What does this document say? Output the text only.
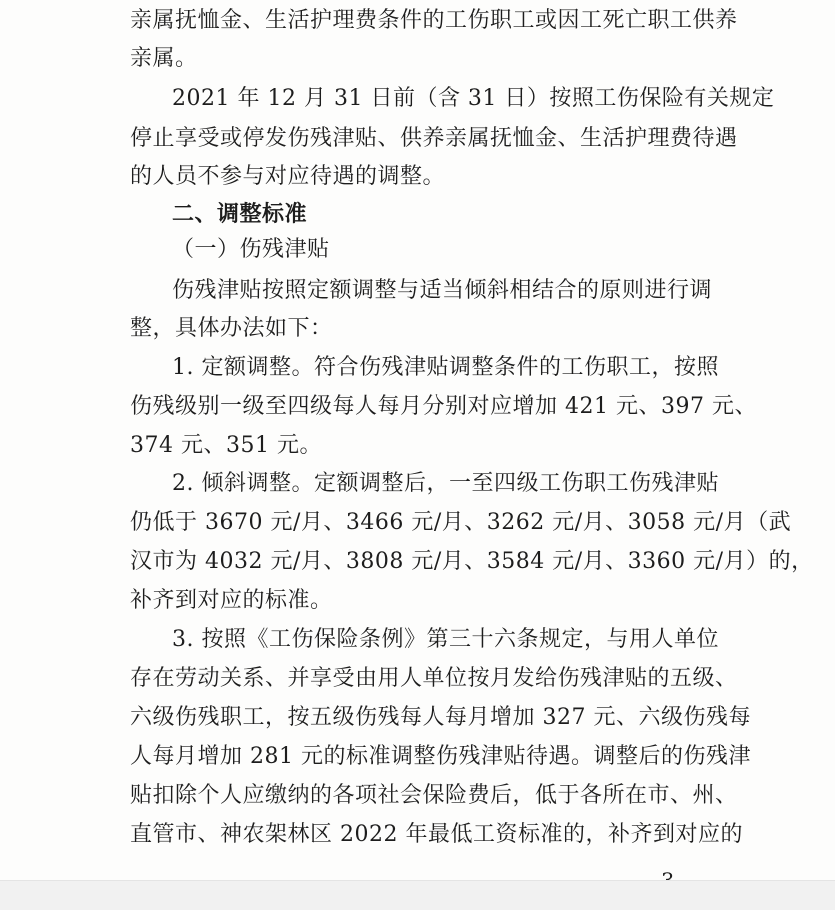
亲属抚恤金、生活护理费条件的工伤职工或因工死亡职工供养
亲属。
2021 年 12 月 31 日前（含 31 日）按照工伤保险有关规定
停止享受或停发伤残津贴、供养亲属抚恤金、生活护理费待遇
的人员不参与对应待遇的调整。
二、调整标准
（一）伤残津贴
伤残津贴按照定额调整与适当倾斜相结合的原则进行调
整，具体办法如下：
1. 定额调整。符合伤残津贴调整条件的工伤职工，按照
伤残级别一级至四级每人每月分别对应增加 421 元、397 元、
374 元、351 元。
2. 倾斜调整。定额调整后，一至四级工伤职工伤残津贴
仍低于 3670 元/月、3466 元/月、3262 元/月、3058 元/月（武
汉市为 4032 元/月、3808 元/月、3584 元/月、3360 元/月）的，
补齐到对应的标准。
3. 按照《工伤保险条例》第三十六条规定，与用人单位
存在劳动关系、并享受由用人单位按月发给伤残津贴的五级、
六级伤残职工，按五级伤残每人每月增加 327 元、六级伤残每
人每月增加 281 元的标准调整伤残津贴待遇。调整后的伤残津
贴扣除个人应缴纳的各项社会保险费后，低于各所在市、州、
直管市、神农架林区 2022 年最低工资标准的，补齐到对应的
